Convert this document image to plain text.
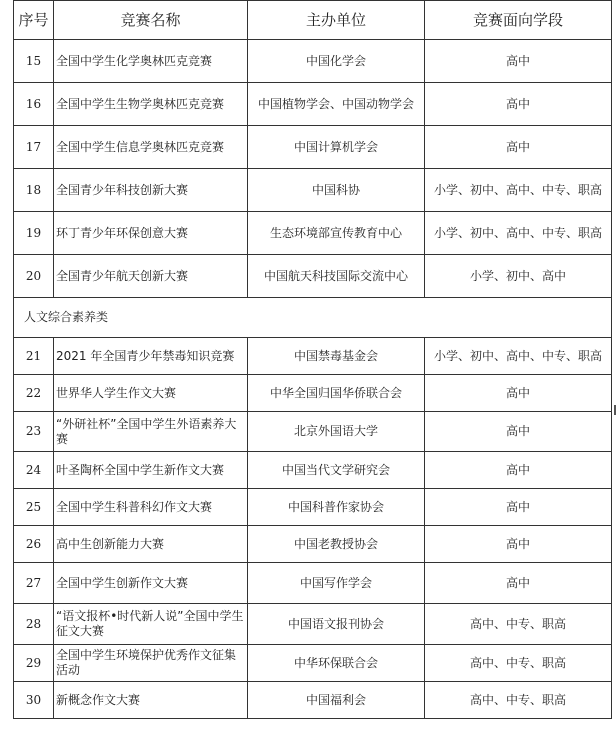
序号	竞赛名称	主办单位	竞赛面向学段
15	全国中学生化学奥林匹克竞赛	中国化学会	高中
16	全国中学生生物学奥林匹克竞赛	中国植物学会、中国动物学会	高中
17	全国中学生信息学奥林匹克竞赛	中国计算机学会	高中
18	全国青少年科技创新大赛	中国科协	小学、初中、高中、中专、职高
19	环丁青少年环保创意大赛	生态环境部宣传教育中心	小学、初中、高中、中专、职高
20	全国青少年航天创新大赛	中国航天科技国际交流中心	小学、初中、高中
人文综合素养类			
21	2021 年全国青少年禁毒知识竞赛	中国禁毒基金会	小学、初中、高中、中专、职高
22	世界华人学生作文大赛	中华全国归国华侨联合会	高中
23	“外研社杯”全国中学生外语素养大赛	北京外国语大学	高中
24	叶圣陶杯全国中学生新作文大赛	中国当代文学研究会	高中
25	全国中学生科普科幻作文大赛	中国科普作家协会	高中
26	高中生创新能力大赛	中国老教授协会	高中
27	全国中学生创新作文大赛	中国写作学会	高中
28	“语文报杯•时代新人说”全国中学生征文大赛	中国语文报刊协会	高中、中专、职高
29	全国中学生环境保护优秀作文征集活动	中华环保联合会	高中、中专、职高
30	新概念作文大赛	中国福利会	高中、中专、职高
